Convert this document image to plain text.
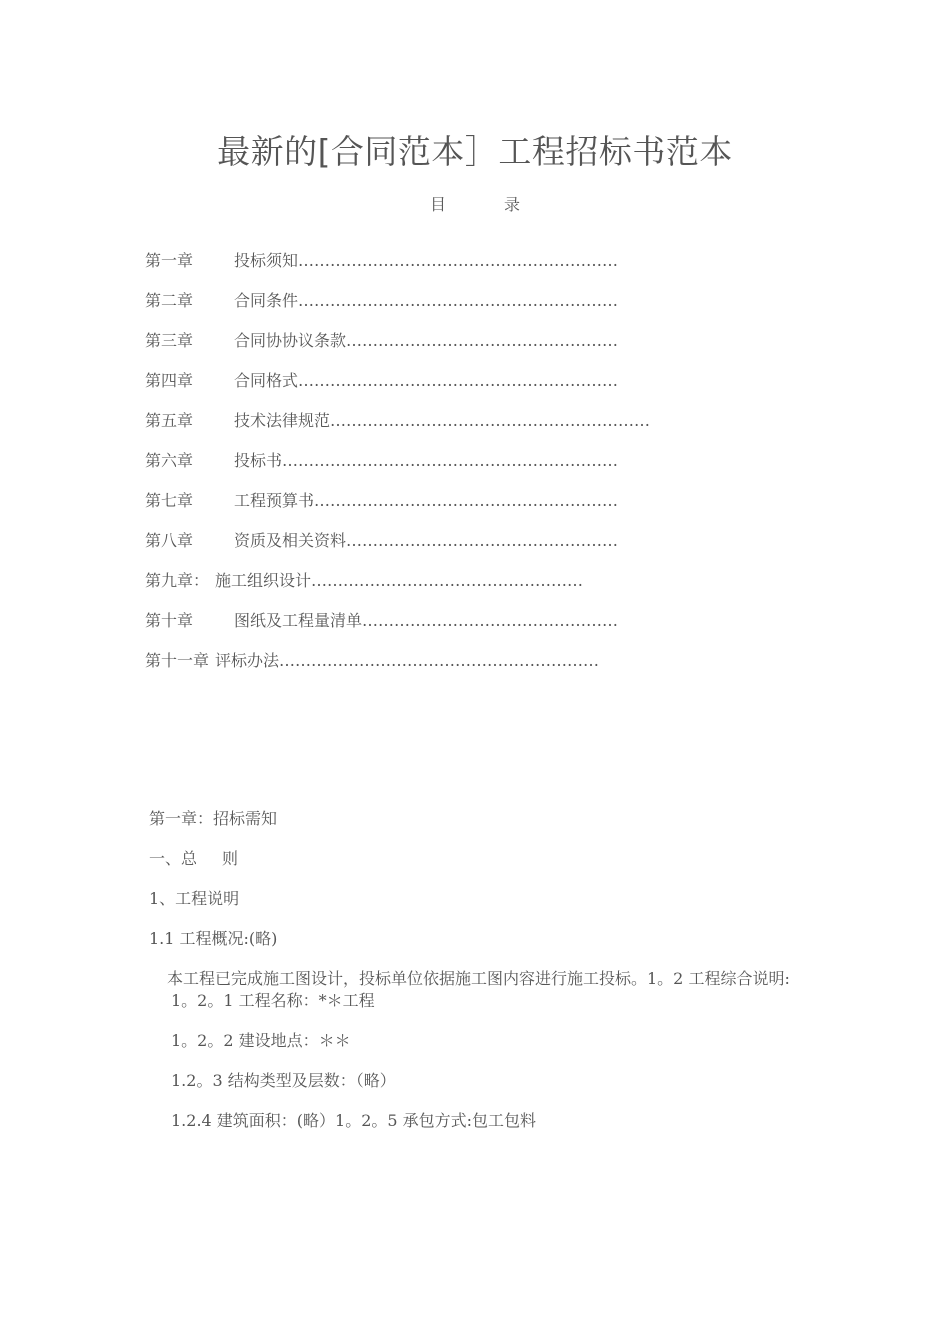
最新的[合同范本］工程招标书范本
目	录
第一章	投标须知……………………………………………………
第二章	合同条件……………………………………………………
第三章	合同协协议条款……………………………………………
第四章	合同格式……………………………………………………
第五章	技术法律规范……………………………………………………
第六章	投标书………………………………………………………
第七章	工程预算书…………………………………………………
第八章	资质及相关资料……………………………………………
第九章： 施工组织设计……………………………………………
第十章	图纸及工程量清单…………………………………………
第十一章 评标办法……………………………………………………
第一章：招标需知
一、总 则
1、工程说明
1.1 工程概况:(略)
本工程已完成施工图设计，投标单位依据施工图内容进行施工投标。1。2 工程综合说明:
1。2。1 工程名称：*＊工程
1。2。2 建设地点：＊＊
1.2。3 结构类型及层数：（略）
1.2.4 建筑面积：(略）1。2。5 承包方式:包工包料
